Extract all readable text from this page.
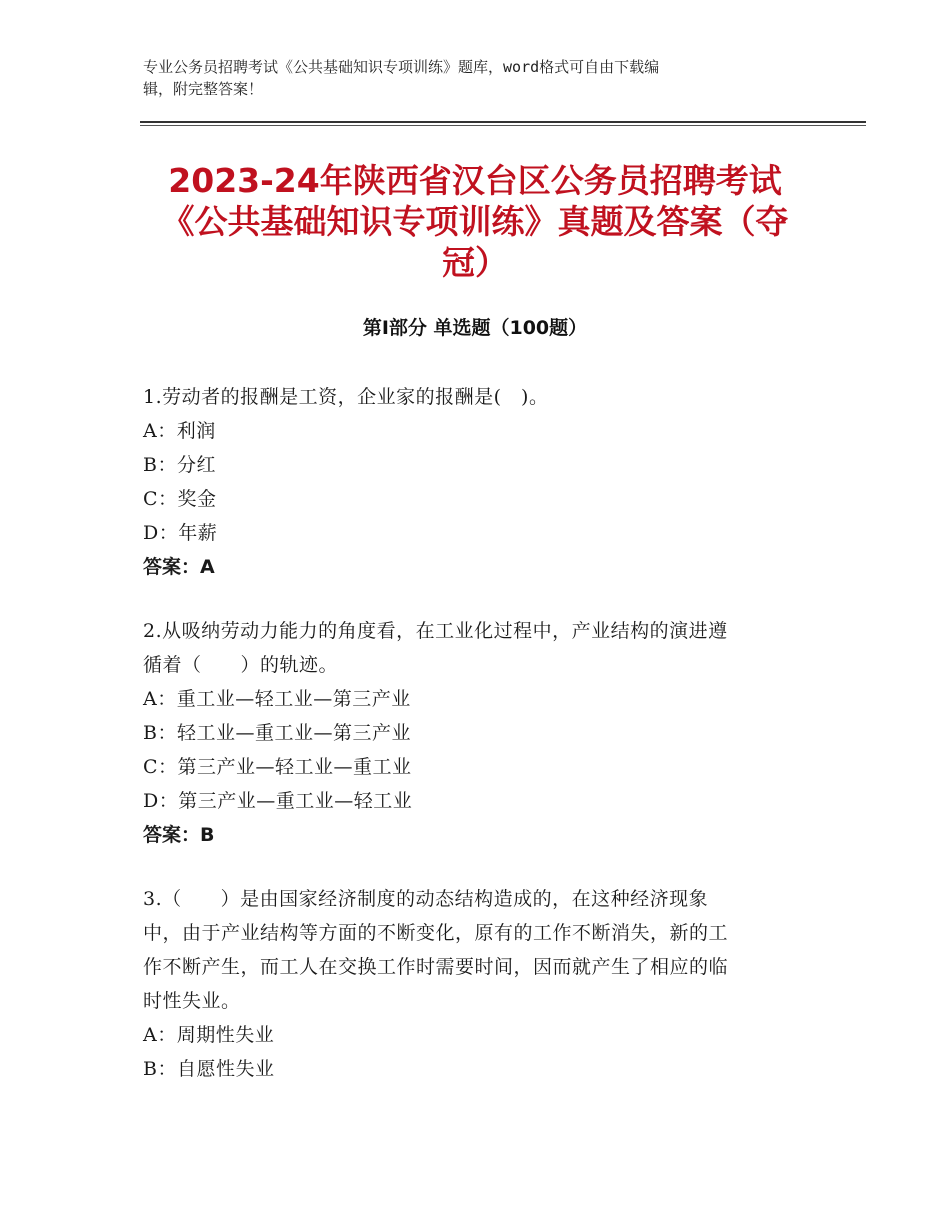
专业公务员招聘考试《公共基础知识专项训练》题库，word格式可自由下载编
辑，附完整答案！
2023-24年陕西省汉台区公务员招聘考试
《公共基础知识专项训练》真题及答案（夺
冠）
第Ⅰ部分 单选题（100题）

1.劳动者的报酬是工资，企业家的报酬是(　)。

A：利润

B：分红

C：奖金

D：年薪

答案：A

2.从吸纳劳动力能力的角度看，在工业化过程中，产业结构的演进遵

循着（　　）的轨迹。

A：重工业—轻工业—第三产业

B：轻工业—重工业—第三产业

C：第三产业—轻工业—重工业

D：第三产业—重工业—轻工业

答案：B

3.（　　）是由国家经济制度的动态结构造成的，在这种经济现象

中，由于产业结构等方面的不断变化，原有的工作不断消失，新的工

作不断产生，而工人在交换工作时需要时间，因而就产生了相应的临

时性失业。

A：周期性失业

B：自愿性失业
